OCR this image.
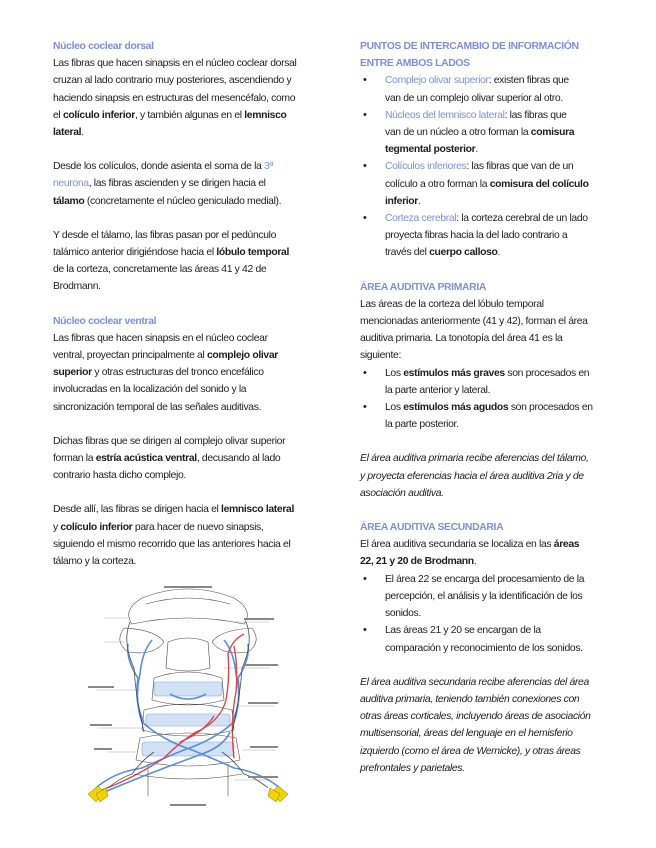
Núcleo coclear dorsal

Las fibras que hacen sinapsis en el núcleo coclear dorsal
cruzan al lado contrario muy posteriores, ascendiendo y
haciendo sinapsis en estructuras del mesencéfalo, como
el colículo inferior, y también algunas en el lemnisco
lateral.

Desde los colículos, donde asienta el soma de la 3ª
neurona, las fibras ascienden y se dirigen hacia el
tálamo (concretamente el núcleo geniculado medial).

Y desde el tálamo, las fibras pasan por el pedúnculo
talámico anterior dirigiéndose hacia el lóbulo temporal
de la corteza, concretamente las áreas 41 y 42 de
Brodmann.

Núcleo coclear ventral

Las fibras que hacen sinapsis en el núcleo coclear
ventral, proyectan principalmente al complejo olivar
superior y otras estructuras del tronco encefálico
involucradas en la localización del sonido y la
sincronización temporal de las señales auditivas.

Dichas fibras que se dirigen al complejo olivar superior
forman la estría acústica ventral, decusando al lado
contrario hasta dicho complejo.

Desde allí, las fibras se dirigen hacia el lemnisco lateral
y colículo inferior para hacer de nuevo sinapsis,
siguiendo el mismo recorrido que las anteriores hacia el
tálamo y la corteza.

PUNTOS DE INTERCAMBIO DE INFORMACIÓN
ENTRE AMBOS LADOS

• Complejo olivar superior: existen fibras que
van de un complejo olivar superior al otro.
• Núcleos del lemnisco lateral: las fibras que
van de un núcleo a otro forman la comisura
tegmental posterior.
• Colículos inferiores: las fibras que van de un
colículo a otro forman la comisura del colículo
inferior.
• Corteza cerebral: la corteza cerebral de un lado
proyecta fibras hacia la del lado contrario a
través del cuerpo calloso.

ÁREA AUDITIVA PRIMARIA

Las áreas de la corteza del lóbulo temporal
mencionadas anteriormente (41 y 42), forman el área
auditiva primaria. La tonotopía del área 41 es la
siguiente:

• Los estímulos más graves son procesados en
la parte anterior y lateral.
• Los estímulos más agudos son procesados en
la parte posterior.

El área auditiva primaria recibe aferencias del tálamo,
y proyecta eferencias hacia el área auditiva 2ria y de
asociación auditiva.

ÁREA AUDITIVA SECUNDARIA

El área auditiva secundaria se localiza en las áreas
22, 21 y 20 de Brodmann.

• El área 22 se encarga del procesamiento de la
percepción, el análisis y la identificación de los
sonidos.
• Las áreas 21 y 20 se encargan de la
comparación y reconocimiento de los sonidos.

El área auditiva secundaria recibe aferencias del área
auditiva primaria, teniendo también conexiones con
otras áreas corticales, incluyendo áreas de asociación
multisensorial, áreas del lenguaje en el hemisferio
izquierdo (como el área de Wernicke), y otras áreas
prefrontales y parietales.
